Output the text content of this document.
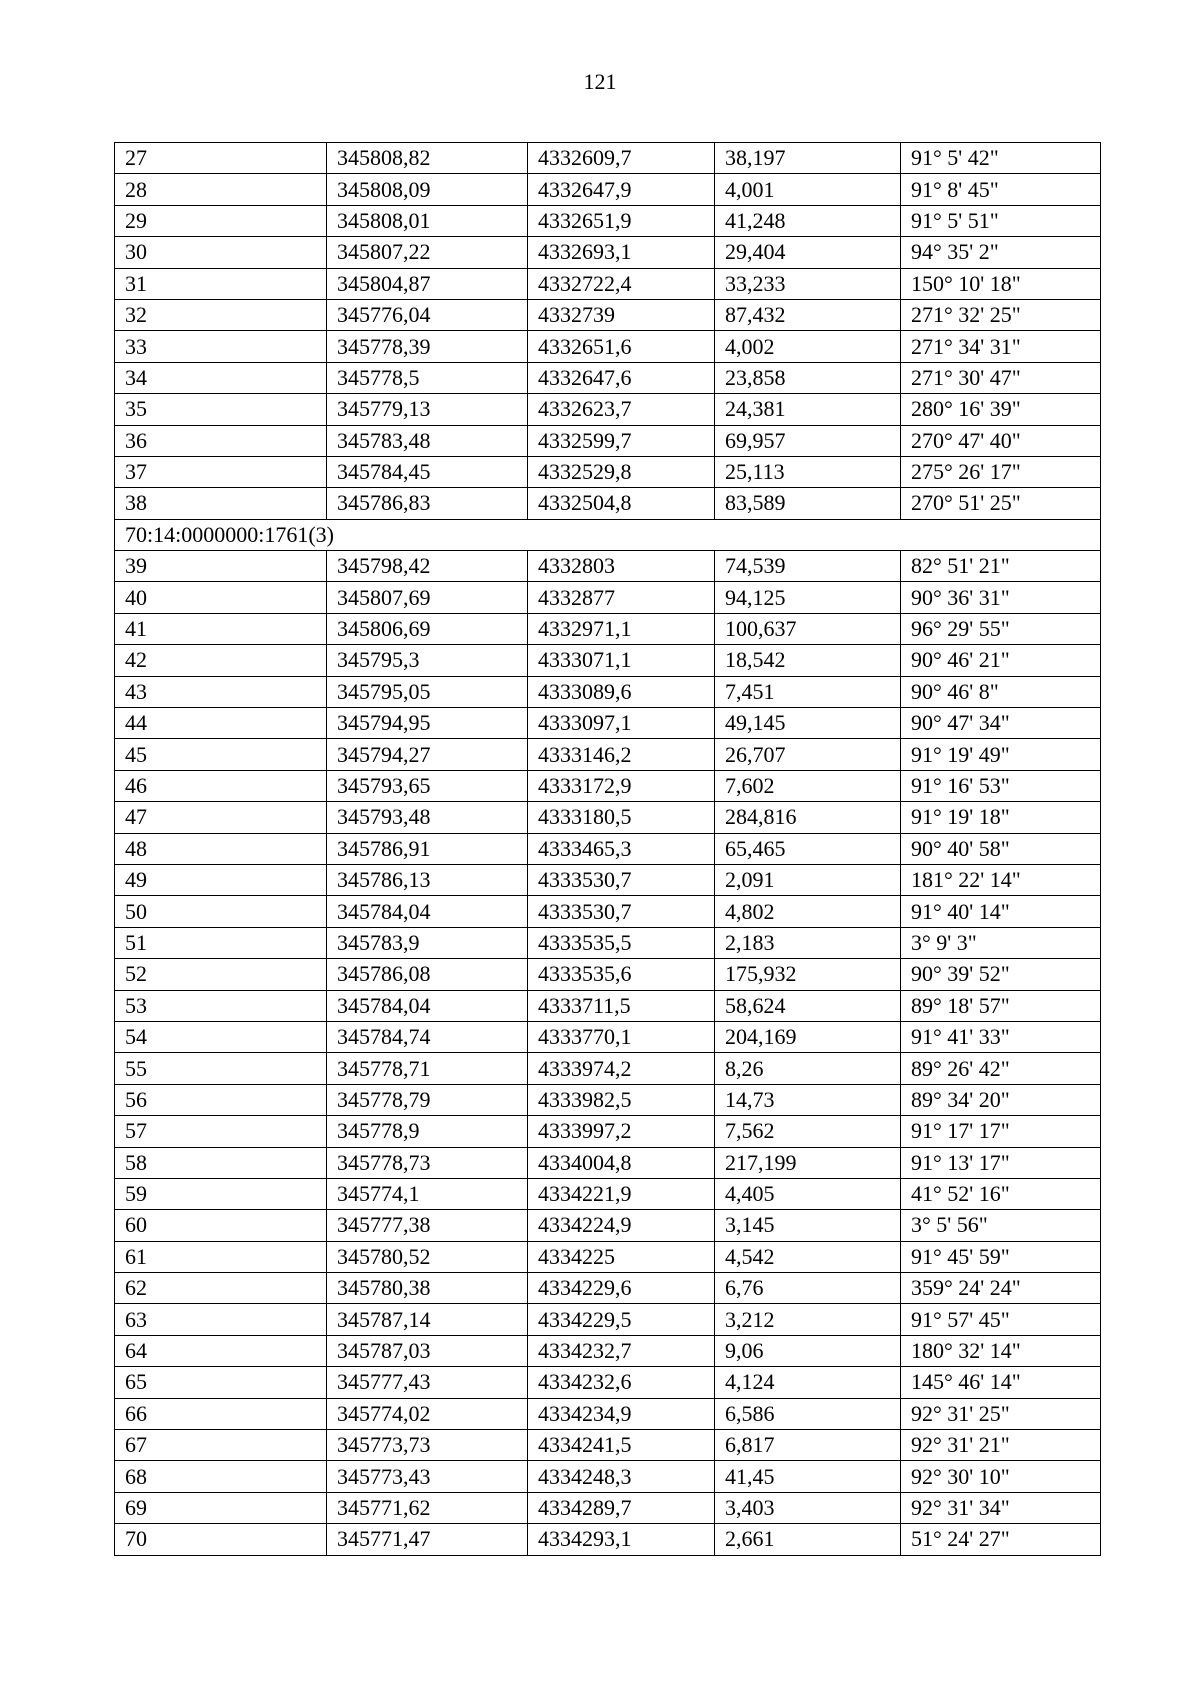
121
27	345808,82	4332609,7	38,197	91° 5' 42"
28	345808,09	4332647,9	4,001	91° 8' 45"
29	345808,01	4332651,9	41,248	91° 5' 51"
30	345807,22	4332693,1	29,404	94° 35' 2"
31	345804,87	4332722,4	33,233	150° 10' 18"
32	345776,04	4332739	87,432	271° 32' 25"
33	345778,39	4332651,6	4,002	271° 34' 31"
34	345778,5	4332647,6	23,858	271° 30' 47"
35	345779,13	4332623,7	24,381	280° 16' 39"
36	345783,48	4332599,7	69,957	270° 47' 40"
37	345784,45	4332529,8	25,113	275° 26' 17"
38	345786,83	4332504,8	83,589	270° 51' 25"
70:14:0000000:1761(3)				
39	345798,42	4332803	74,539	82° 51' 21"
40	345807,69	4332877	94,125	90° 36' 31"
41	345806,69	4332971,1	100,637	96° 29' 55"
42	345795,3	4333071,1	18,542	90° 46' 21"
43	345795,05	4333089,6	7,451	90° 46' 8"
44	345794,95	4333097,1	49,145	90° 47' 34"
45	345794,27	4333146,2	26,707	91° 19' 49"
46	345793,65	4333172,9	7,602	91° 16' 53"
47	345793,48	4333180,5	284,816	91° 19' 18"
48	345786,91	4333465,3	65,465	90° 40' 58"
49	345786,13	4333530,7	2,091	181° 22' 14"
50	345784,04	4333530,7	4,802	91° 40' 14"
51	345783,9	4333535,5	2,183	3° 9' 3"
52	345786,08	4333535,6	175,932	90° 39' 52"
53	345784,04	4333711,5	58,624	89° 18' 57"
54	345784,74	4333770,1	204,169	91° 41' 33"
55	345778,71	4333974,2	8,26	89° 26' 42"
56	345778,79	4333982,5	14,73	89° 34' 20"
57	345778,9	4333997,2	7,562	91° 17' 17"
58	345778,73	4334004,8	217,199	91° 13' 17"
59	345774,1	4334221,9	4,405	41° 52' 16"
60	345777,38	4334224,9	3,145	3° 5' 56"
61	345780,52	4334225	4,542	91° 45' 59"
62	345780,38	4334229,6	6,76	359° 24' 24"
63	345787,14	4334229,5	3,212	91° 57' 45"
64	345787,03	4334232,7	9,06	180° 32' 14"
65	345777,43	4334232,6	4,124	145° 46' 14"
66	345774,02	4334234,9	6,586	92° 31' 25"
67	345773,73	4334241,5	6,817	92° 31' 21"
68	345773,43	4334248,3	41,45	92° 30' 10"
69	345771,62	4334289,7	3,403	92° 31' 34"
70	345771,47	4334293,1	2,661	51° 24' 27"
